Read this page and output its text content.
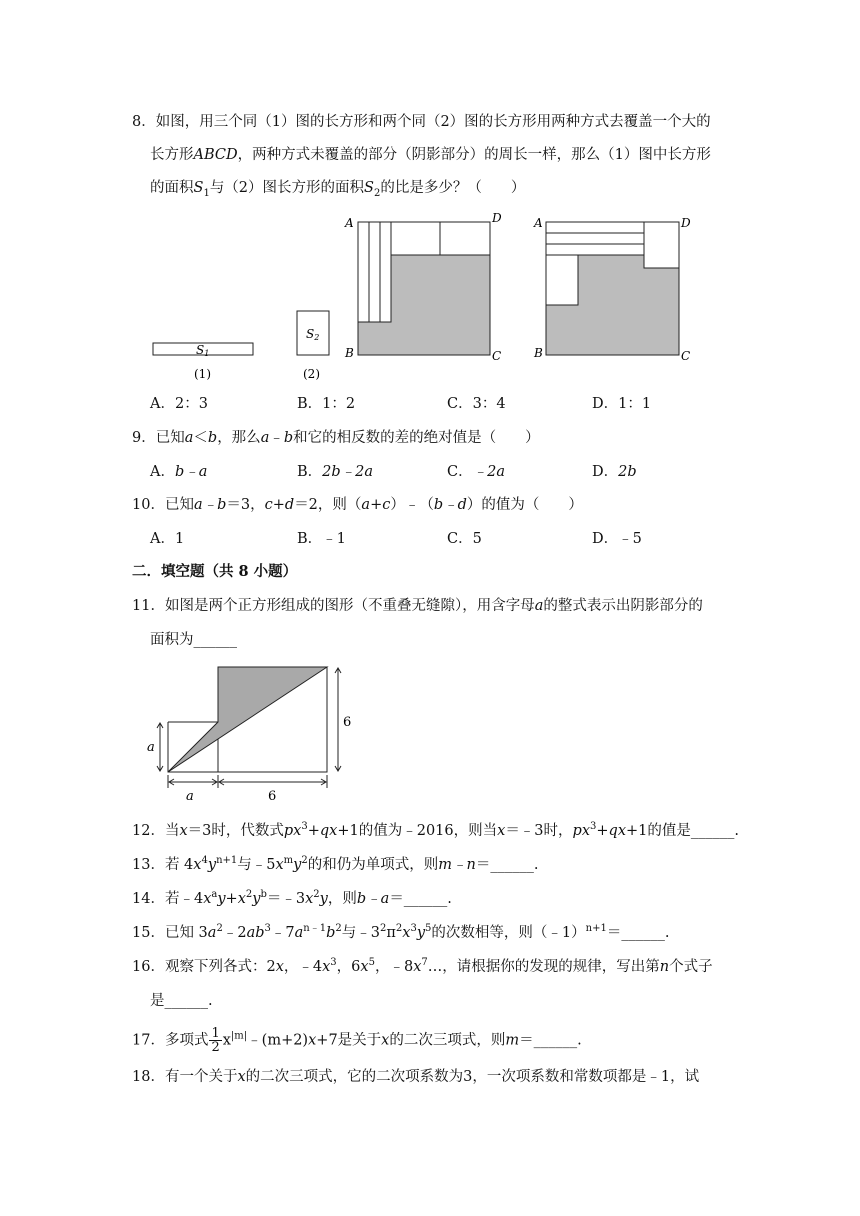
8．如图，用三个同（1）图的长方形和两个同（2）图的长方形用两种方式去覆盖一个大的
长方形ABCD，两种方式未覆盖的部分（阴影部分）的周长一样，那么（1）图中长方形
的面积$S_1$与（2）图长方形的面积$S_2$的比是多少？（　　）
S1
(1)
S2
(2)
A	D
B	C
A	D
B	C
A．2：3	B．1：2	C．3：4	D．1：1
9．已知a＜b，那么a﹣b和它的相反数的差的绝对值是（　　）
A．b﹣a	B．2b﹣2a	C．﹣2a	D．2b
10．已知a﹣b＝3，c+d＝2，则（a+c）﹣（b﹣d）的值为（　　）
A．1	B．﹣1	C．5	D．﹣5
二．填空题（共 8 小题）
11．如图是两个正方形组成的图形（不重叠无缝隙），用含字母a的整式表示出阴影部分的
面积为______
a
6
a	6
12．当x＝3时，代数式$px^3+qx+1$的值为﹣2016，则当x＝﹣3时，$px^3+qx+1$的值是______.
13．若 $4x^4y^{n+1}$与$﹣5x^my^2$的和仍为单项式，则m﹣n＝______.
14．若$﹣4x^ay+x^2y^b=﹣3x^2y$，则b﹣a＝______.
15．已知 $3a^2﹣2ab^3﹣7a^{n﹣1}b^2$与$﹣3^2\pi^2x^3y^5$的次数相等，则（﹣1）$^{n+1}$＝______.
16．观察下列各式：2x，$﹣4x^3$，$6x^5$，$﹣8x^7\dots$，请根据你的发现的规律，写出第n个式子
是______.
17．多项式 $\frac{1}{2}$ $x^{|m|}﹣(m+2)x+7$是关于x的二次三项式，则m＝______.
18．有一个关于x的二次三项式，它的二次项系数为3，一次项系数和常数项都是﹣1，试
